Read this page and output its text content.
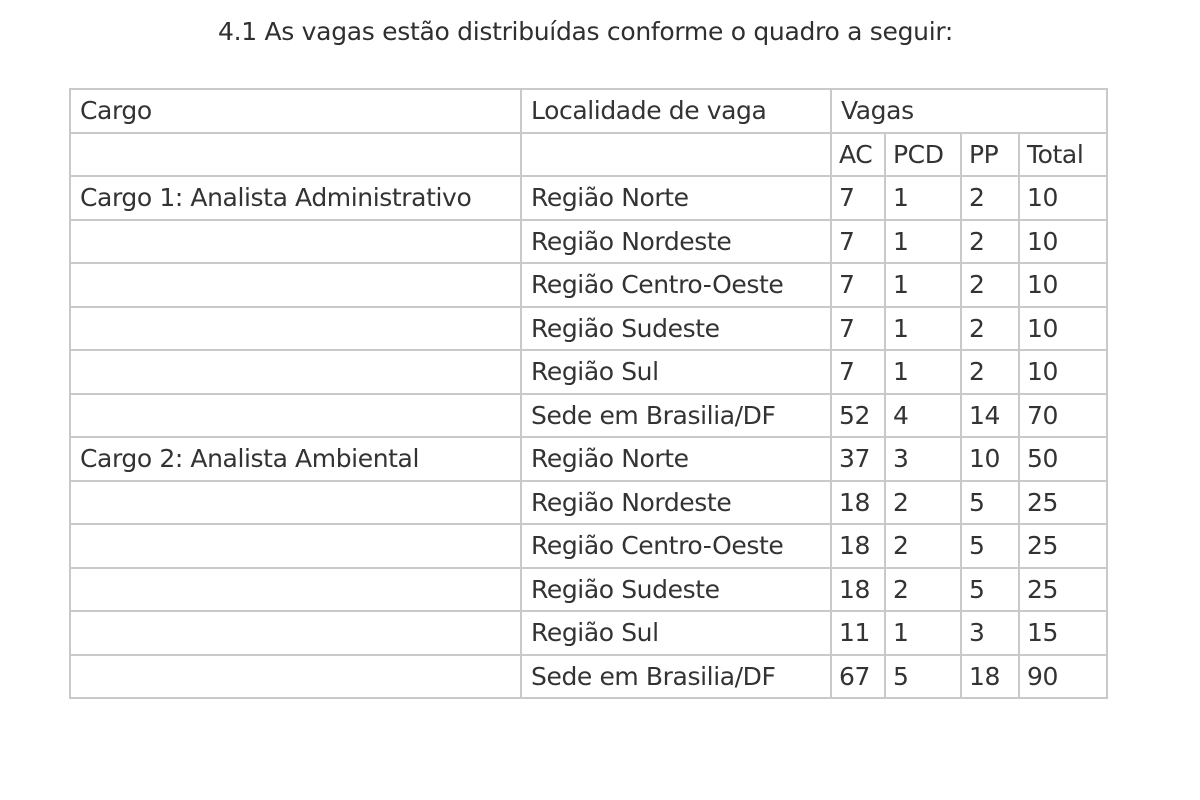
4.1 As vagas estão distribuídas conforme o quadro a seguir:

Cargo	Localidade de vaga	Vagas			
		AC	PCD	PP	Total
Cargo 1: Analista Administrativo	Região Norte	7	1	2	10
	Região Nordeste	7	1	2	10
	Região Centro-Oeste	7	1	2	10
	Região Sudeste	7	1	2	10
	Região Sul	7	1	2	10
	Sede em Brasilia/DF	52	4	14	70
Cargo 2: Analista Ambiental	Região Norte	37	3	10	50
	Região Nordeste	18	2	5	25
	Região Centro-Oeste	18	2	5	25
	Região Sudeste	18	2	5	25
	Região Sul	11	1	3	15
	Sede em Brasilia/DF	67	5	18	90
